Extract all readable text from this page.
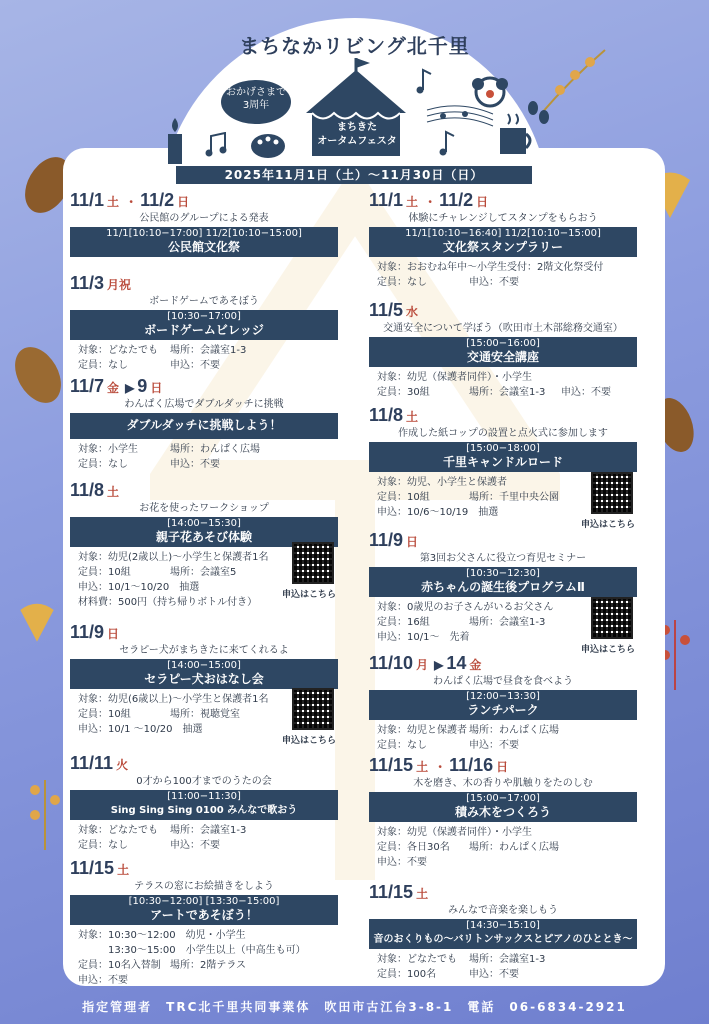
まちなかリビング北千里
おかげさまで
3周年
まちきた
オータムフェスタ
2025年11月1日（土）～11月30日（日）
11/1 土 ・ 11/2 日
公民館のグループによる発表
11/1[10:10−17:00] 11/2[10:10−15:00]
公民館文化祭
11/3 月祝
ボードゲームであそぼう
[10:30−17:00]
ボードゲームビレッジ
対象：どなたでも 場所：会議室1-3
定員：なし	申込：不要
11/7 金 ▶ 9 日
わんぱく広場でダブルダッチに挑戦
ダブルダッチに挑戦しよう！
対象：小学生	場所：わんぱく広場
定員：なし	申込：不要
11/8 土
お花を使ったワークショップ
[14:00−15:30]
親子花あそび体験
対象：幼児(2歳以上)～小学生と保護者1名
定員：10組	場所：会議室5
申込：10/1～10/20　抽選
材料費：500円（持ち帰りボトル付き）
申込はこちら
11/9 日
セラピー犬がまちきたに来てくれるよ
[14:00−15:00]
セラピー犬おはなし会
対象：幼児(6歳以上)～小学生と保護者1名
定員：10組	場所：視聴覚室
申込：10/1 ～10/20　抽選
申込はこちら
11/11 火
0才から100才までのうたの会
[11:00−11:30]
Sing Sing Sing 0100 みんなで歌おう
対象：どなたでも 場所：会議室1-3
定員：なし	申込：不要
11/15 土
テラスの窓にお絵描きをしよう
[10:30−12:00] [13:30−15:00]
アートであそぼう！
対象：10:30～12:00　幼児・小学生
　　　13:30～15:00　小学生以上（中高生も可）
定員：10名入替制 場所：2階テラス
申込：不要
11/1 土 ・ 11/2 日
体験にチャレンジしてスタンプをもらおう
11/1[10:10−16:40] 11/2[10:10−15:00]
文化祭スタンプラリー
対象：おおむね年中～小学生受付：2階文化祭受付
定員：なし	申込：不要
11/5 水
交通安全について学ぼう（吹田市土木部総務交通室）
[15:00−16:00]
交通安全講座
対象：幼児（保護者同伴）・小学生
定員：30組	場所：会議室1-3 申込：不要
11/8 土
作成した紙コップの設置と点火式に参加します
[15:00−18:00]
千里キャンドルロード
対象：幼児、小学生と保護者
定員：10組	場所：千里中央公園
申込：10/6～10/19　抽選
申込はこちら
11/9 日
第3回お父さんに役立つ育児セミナー
[10:30−12:30]
赤ちゃんの誕生後プログラムⅡ
対象：0歳児のお子さんがいるお父さん
定員：16組	場所：会議室1-3
申込：10/1～　先着
申込はこちら
11/10 月 ▶ 14 金
わんぱく広場で昼食を食べよう
[12:00−13:30]
ランチパーク
対象：幼児と保護者 場所：わんぱく広場
定員：なし	申込：不要
11/15 土 ・ 11/16 日
木を磨き、木の香りや肌触りをたのしむ
[15:00−17:00]
積み木をつくろう
対象：幼児（保護者同伴）・小学生
定員：各日30名 場所：わんぱく広場
申込：不要
11/15 土
みんなで音楽を楽しもう
[14:30−15:10]
音のおくりもの〜バリトンサックスとピアノのひととき〜
対象：どなたでも 場所：会議室1-3
定員：100名	申込：不要
指定管理者　TRC北千里共同事業体　吹田市古江台3-8-1　電話　06-6834-2921
